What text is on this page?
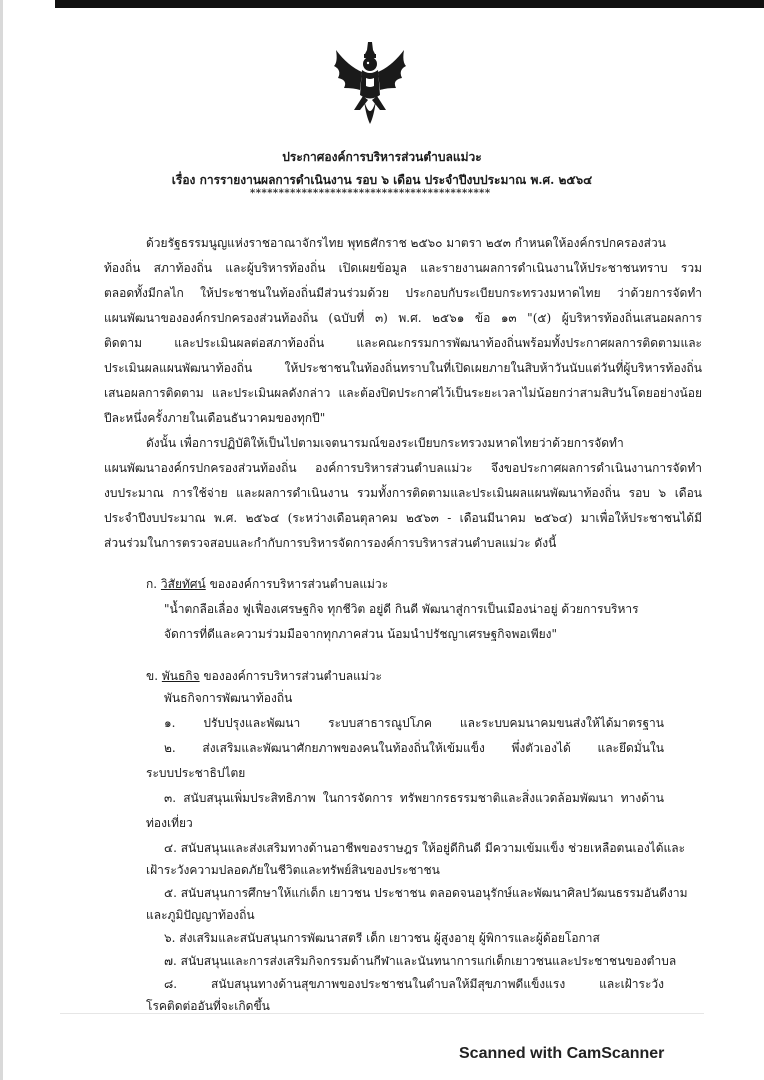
ประกาศองค์การบริหารส่วนตำบลแม่วะ
เรื่อง การรายงานผลการดำเนินงาน รอบ ๖ เดือน ประจำปีงบประมาณ พ.ศ. ๒๕๖๔
******************************************
ด้วยรัฐธรรมนูญแห่งราชอาณาจักรไทย พุทธศักราช ๒๕๖๐ มาตรา ๒๕๓ กำหนดให้องค์กรปกครองส่วน
ท้องถิ่น สภาท้องถิ่น และผู้บริหารท้องถิ่น เปิดเผยข้อมูล และรายงานผลการดำเนินงานให้ประชาชนทราบ รวม
ตลอดทั้งมีกลไก ให้ประชาชนในท้องถิ่นมีส่วนร่วมด้วย ประกอบกับระเบียบกระทรวงมหาดไทย ว่าด้วยการจัดทำ
แผนพัฒนาขององค์กรปกครองส่วนท้องถิ่น (ฉบับที่ ๓) พ.ศ. ๒๕๖๑ ข้อ ๑๓ "(๕) ผู้บริหารท้องถิ่นเสนอผลการ
ติดตาม และประเมินผลต่อสภาท้องถิ่น และคณะกรรมการพัฒนาท้องถิ่นพร้อมทั้งประกาศผลการติดตามและ
ประเมินผลแผนพัฒนาท้องถิ่น ให้ประชาชนในท้องถิ่นทราบในที่เปิดเผยภายในสิบห้าวันนับแต่วันที่ผู้บริหารท้องถิ่น
เสนอผลการติดตาม และประเมินผลดังกล่าว และต้องปิดประกาศไว้เป็นระยะเวลาไม่น้อยกว่าสามสิบวันโดยอย่างน้อย
ปีละหนึ่งครั้งภายในเดือนธันวาคมของทุกปี"
ดังนั้น เพื่อการปฏิบัติให้เป็นไปตามเจตนารมณ์ของระเบียบกระทรวงมหาดไทยว่าด้วยการจัดทำ
แผนพัฒนาองค์กรปกครองส่วนท้องถิ่น องค์การบริหารส่วนตำบลแม่วะ จึงขอประกาศผลการดำเนินงานการจัดทำ
งบประมาณ การใช้จ่าย และผลการดำเนินงาน รวมทั้งการติดตามและประเมินผลแผนพัฒนาท้องถิ่น รอบ ๖ เดือน
ประจำปีงบประมาณ พ.ศ. ๒๕๖๔ (ระหว่างเดือนตุลาคม ๒๕๖๓ - เดือนมีนาคม ๒๕๖๔) มาเพื่อให้ประชาชนได้มี
ส่วนร่วมในการตรวจสอบและกำกับการบริหารจัดการองค์การบริหารส่วนตำบลแม่วะ ดังนี้
ก. วิสัยทัศน์ ขององค์การบริหารส่วนตำบลแม่วะ
"น้ำตกลือเลื่อง ฟูเฟื่องเศรษฐกิจ ทุกชีวิต อยู่ดี กินดี พัฒนาสู่การเป็นเมืองน่าอยู่ ด้วยการบริหาร
จัดการที่ดีและความร่วมมือจากทุกภาคส่วน น้อมนำปรัชญาเศรษฐกิจพอเพียง"
ข. พันธกิจ ขององค์การบริหารส่วนตำบลแม่วะ
พันธกิจการพัฒนาท้องถิ่น
๑. ปรับปรุงและพัฒนา ระบบสาธารณูปโภค และระบบคมนาคมขนส่งให้ได้มาตรฐาน
๒. ส่งเสริมและพัฒนาศักยภาพของคนในท้องถิ่นให้เข้มแข็ง พึ่งตัวเองได้ และยึดมั่นใน
ระบบประชาธิปไตย
๓. สนับสนุนเพิ่มประสิทธิภาพ ในการจัดการ ทรัพยากรธรรมชาติและสิ่งแวดล้อมพัฒนา ทางด้าน
ท่องเที่ยว
๔. สนับสนุนและส่งเสริมทางด้านอาชีพของราษฎร ให้อยู่ดีกินดี มีความเข้มแข็ง ช่วยเหลือตนเองได้และ
เฝ้าระวังความปลอดภัยในชีวิตและทรัพย์สินของประชาชน
๕. สนับสนุนการศึกษาให้แก่เด็ก เยาวชน ประชาชน ตลอดจนอนุรักษ์และพัฒนาศิลปวัฒนธรรมอันดีงาม
และภูมิปัญญาท้องถิ่น
๖. ส่งเสริมและสนับสนุนการพัฒนาสตรี เด็ก เยาวชน ผู้สูงอายุ ผู้พิการและผู้ด้อยโอกาส
๗. สนับสนุนและการส่งเสริมกิจกรรมด้านกีฬาและนันทนาการแก่เด็กเยาวชนและประชาชนของตำบล
๘. สนับสนุนทางด้านสุขภาพของประชาชนในตำบลให้มีสุขภาพดีแข็งแรง และเฝ้าระวัง
โรคติดต่ออันที่จะเกิดขึ้น
Scanned with CamScanner
